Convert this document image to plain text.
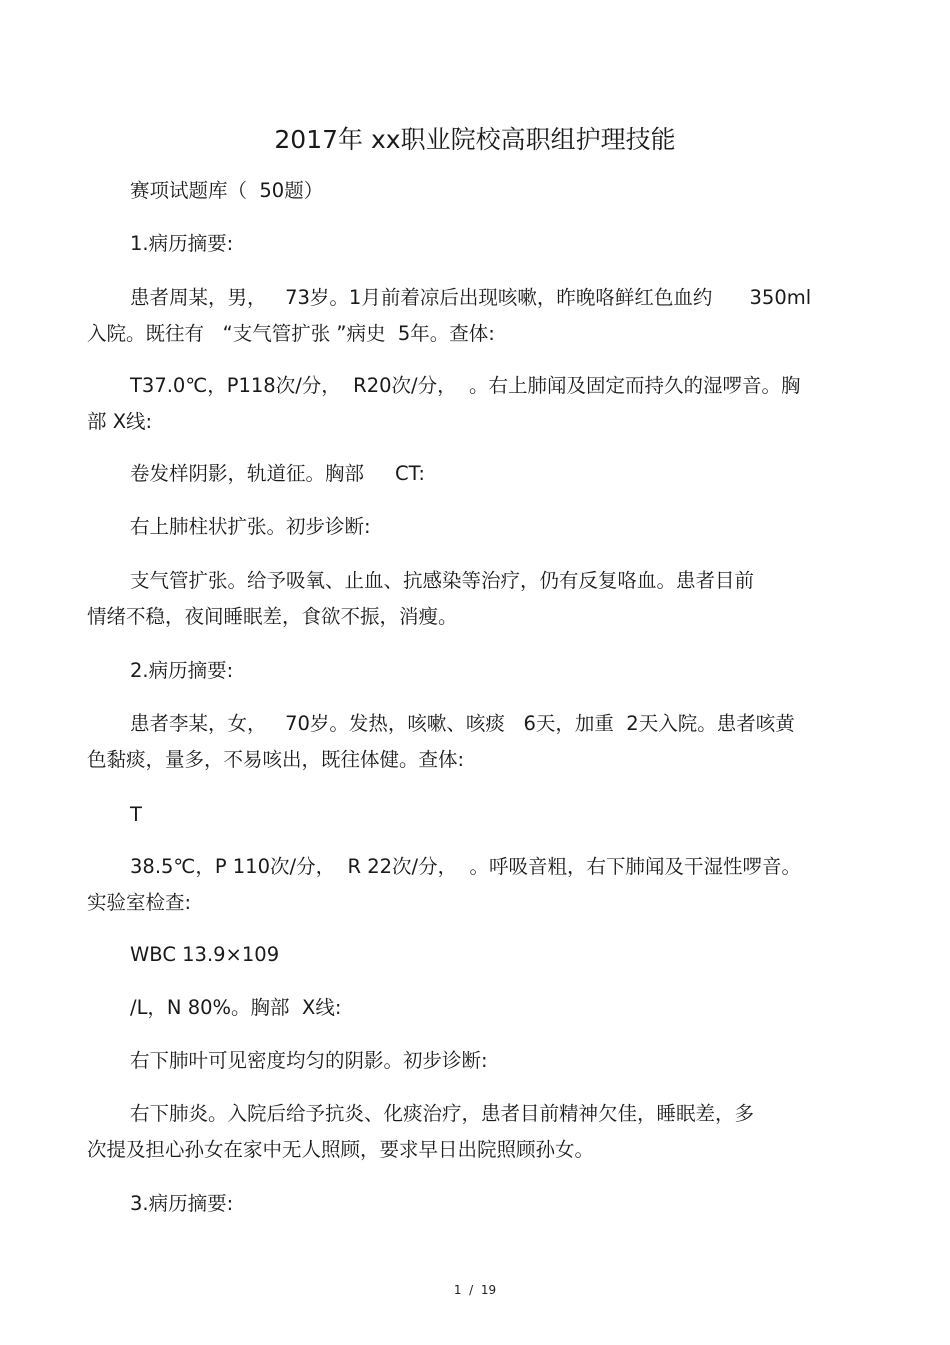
2017年 xx职业院校高职组护理技能
赛项试题库（  50题）
1.病历摘要:
患者周某，男，   73岁。1月前着凉后出现咳嗽，昨晚咯鲜红色血约      350ml
入院。既往有   “支气管扩张 ”病史  5年。查体:
T37.0℃，P118次/分，  R20次/分，  。右上肺闻及固定而持久的湿啰音。胸
部 X线:
卷发样阴影，轨道征。胸部     CT:
右上肺柱状扩张。初步诊断:
支气管扩张。给予吸氧、止血、抗感染等治疗，仍有反复咯血。患者目前
情绪不稳，夜间睡眠差，食欲不振，消瘦。
2.病历摘要:
患者李某，女，   70岁。发热，咳嗽、咳痰   6天，加重  2天入院。患者咳黄
色黏痰，量多，不易咳出，既往体健。查体:
T
38.5℃，P 110次/分，  R 22次/分，  。呼吸音粗，右下肺闻及干湿性啰音。
实验室检查:
WBC 13.9×109
/L，N 80%。胸部  X线:
右下肺叶可见密度均匀的阴影。初步诊断:
右下肺炎。入院后给予抗炎、化痰治疗，患者目前精神欠佳，睡眠差，多
次提及担心孙女在家中无人照顾，要求早日出院照顾孙女。
3.病历摘要:
1  /  19
